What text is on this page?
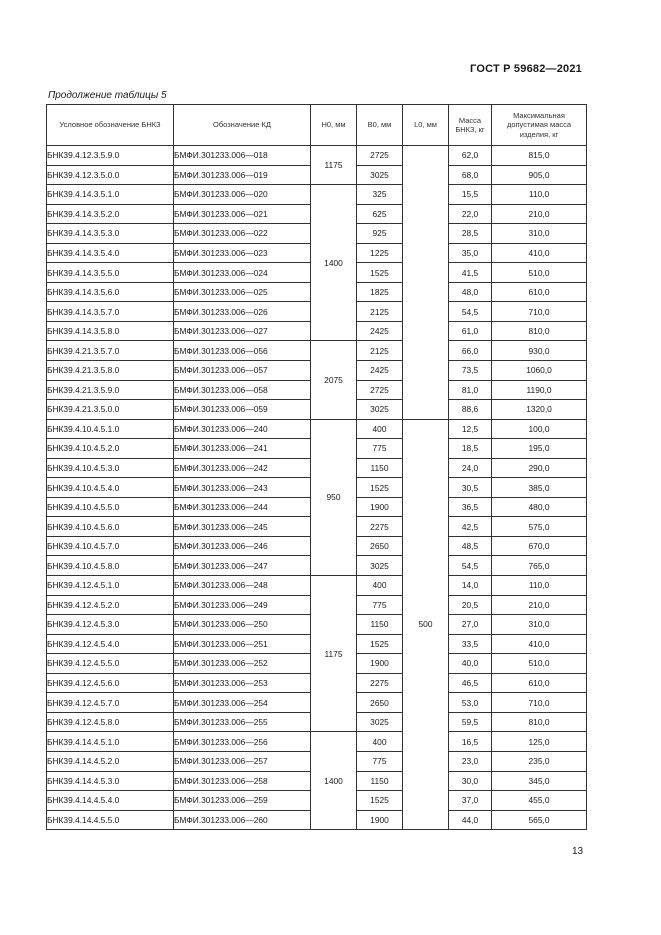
ГОСТ Р 59682—2021
Продолжение таблицы 5
Условное обозначение БНКЗ	Обозначение КД	H0, мм	B0, мм	L0, мм	Масса БНКЗ, кг	Максимальная допустимая масса изделия, кг
БНК39.4.12.3.5.9.0	БМФИ.301233.006—018	1175	2725		62,0	815,0
БНК39.4.12.3.5.0.0	БМФИ.301233.006—019		3025		68,0	905,0
БНК39.4.14.3.5.1.0	БМФИ.301233.006—020	1400	325		15,5	110,0
БНК39.4.14.3.5.2.0	БМФИ.301233.006—021		625		22,0	210,0
БНК39.4.14.3.5.3.0	БМФИ.301233.006—022		925		28,5	310,0
БНК39.4.14.3.5.4.0	БМФИ.301233.006—023		1225		35,0	410,0
БНК39.4.14.3.5.5.0	БМФИ.301233.006—024		1525		41,5	510,0
БНК39.4.14.3.5.6.0	БМФИ.301233.006—025		1825		48,0	610,0
БНК39.4.14.3.5.7.0	БМФИ.301233.006—026		2125		54,5	710,0
БНК39.4.14.3.5.8.0	БМФИ.301233.006—027		2425		61,0	810,0
БНК39.4.21.3.5.7.0	БМФИ.301233.006—056	2075	2125		66,0	930,0
БНК39.4.21.3.5.8.0	БМФИ.301233.006—057		2425		73,5	1060,0
БНК39.4.21.3.5.9.0	БМФИ.301233.006—058		2725		81,0	1190,0
БНК39.4.21.3.5.0.0	БМФИ.301233.006—059		3025		88,6	1320,0
БНК39.4.10.4.5.1.0	БМФИ.301233.006—240	950	400	500	12,5	100,0
БНК39.4.10.4.5.2.0	БМФИ.301233.006—241		775		18,5	195,0
БНК39.4.10.4.5.3.0	БМФИ.301233.006—242		1150		24,0	290,0
БНК39.4.10.4.5.4.0	БМФИ.301233.006—243		1525		30,5	385,0
БНК39.4.10.4.5.5.0	БМФИ.301233.006—244		1900		36,5	480,0
БНК39.4.10.4.5.6.0	БМФИ.301233.006—245		2275		42,5	575,0
БНК39.4.10.4.5.7.0	БМФИ.301233.006—246		2650		48,5	670,0
БНК39.4.10.4.5.8.0	БМФИ.301233.006—247		3025		54,5	765,0
БНК39.4.12.4.5.1.0	БМФИ.301233.006—248	1175	400		14,0	110,0
БНК39.4.12.4.5.2.0	БМФИ.301233.006—249		775		20,5	210,0
БНК39.4.12.4.5.3.0	БМФИ.301233.006—250		1150		27,0	310,0
БНК39.4.12.4.5.4.0	БМФИ.301233.006—251		1525		33,5	410,0
БНК39.4.12.4.5.5.0	БМФИ.301233.006—252		1900		40,0	510,0
БНК39.4.12.4.5.6.0	БМФИ.301233.006—253		2275		46,5	610,0
БНК39.4.12.4.5.7.0	БМФИ.301233.006—254		2650		53,0	710,0
БНК39.4.12.4.5.8.0	БМФИ.301233.006—255		3025		59,5	810,0
БНК39.4.14.4.5.1.0	БМФИ.301233.006—256	1400	400		16,5	125,0
БНК39.4.14.4.5.2.0	БМФИ.301233.006—257		775		23,0	235,0
БНК39.4.14.4.5.3.0	БМФИ.301233.006—258		1150		30,0	345,0
БНК39.4.14.4.5.4.0	БМФИ.301233.006—259		1525		37,0	455,0
БНК39.4.14.4.5.5.0	БМФИ.301233.006—260		1900		44,0	565,0
13
